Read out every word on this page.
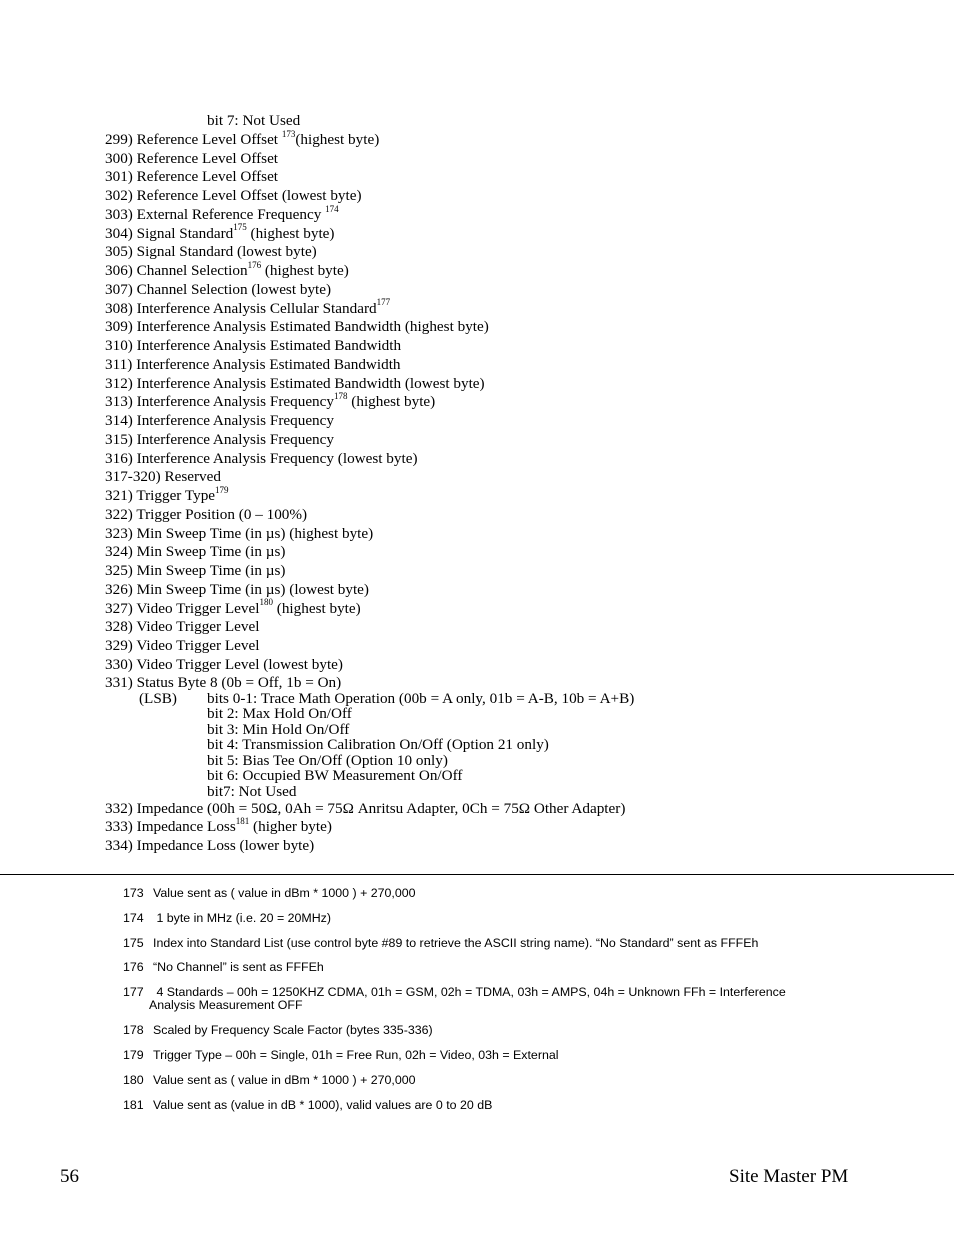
bit 7: Not Used
299) Reference Level Offset $^{173}$(highest byte)
300) Reference Level Offset
301) Reference Level Offset
302) Reference Level Offset (lowest byte)
303) External Reference Frequency $^{174}$
304) Signal Standard$^{175}$ (highest byte)
305) Signal Standard (lowest byte)
306) Channel Selection$^{176}$ (highest byte)
307) Channel Selection (lowest byte)
308) Interference Analysis Cellular Standard$^{177}$
309) Interference Analysis Estimated Bandwidth (highest byte)
310) Interference Analysis Estimated Bandwidth
311) Interference Analysis Estimated Bandwidth
312) Interference Analysis Estimated Bandwidth (lowest byte)
313) Interference Analysis Frequency$^{178}$ (highest byte)
314) Interference Analysis Frequency
315) Interference Analysis Frequency
316) Interference Analysis Frequency (lowest byte)
317-320) Reserved
321) Trigger Type$^{179}$
322) Trigger Position (0 – 100%)
323) Min Sweep Time (in µs) (highest byte)
324) Min Sweep Time (in µs)
325) Min Sweep Time (in µs)
326) Min Sweep Time (in µs) (lowest byte)
327) Video Trigger Level$^{180}$ (highest byte)
328) Video Trigger Level
329) Video Trigger Level
330) Video Trigger Level (lowest byte)
331) Status Byte 8 (0b = Off, 1b = On)
(LSB) bits 0-1: Trace Math Operation (00b = A only, 01b = A-B, 10b = A+B)
bit 2: Max Hold On/Off
bit 3: Min Hold On/Off
bit 4: Transmission Calibration On/Off (Option 21 only)
bit 5: Bias Tee On/Off (Option 10 only)
bit 6: Occupied BW Measurement On/Off
bit7: Not Used
332) Impedance (00h = 50Ω, 0Ah = 75Ω Anritsu Adapter, 0Ch = 75Ω Other Adapter)
333) Impedance Loss$^{181}$ (higher byte)
334) Impedance Loss (lower byte)
173 Value sent as ( value in dBm * 1000 ) + 270,000
174 1 byte in MHz (i.e. 20 = 20MHz)
175 Index into Standard List (use control byte #89 to retrieve the ASCII string name). “No Standard” sent as FFFEh
176 “No Channel” is sent as FFFEh
177 4 Standards – 00h = 1250KHZ CDMA, 01h = GSM, 02h = TDMA, 03h = AMPS, 04h = Unknown FFh = Interference
Analysis Measurement OFF
178 Scaled by Frequency Scale Factor (bytes 335-336)
179 Trigger Type – 00h = Single, 01h = Free Run, 02h = Video, 03h = External
180 Value sent as ( value in dBm * 1000 ) + 270,000
181 Value sent as (value in dB * 1000), valid values are 0 to 20 dB
56	Site Master PM
